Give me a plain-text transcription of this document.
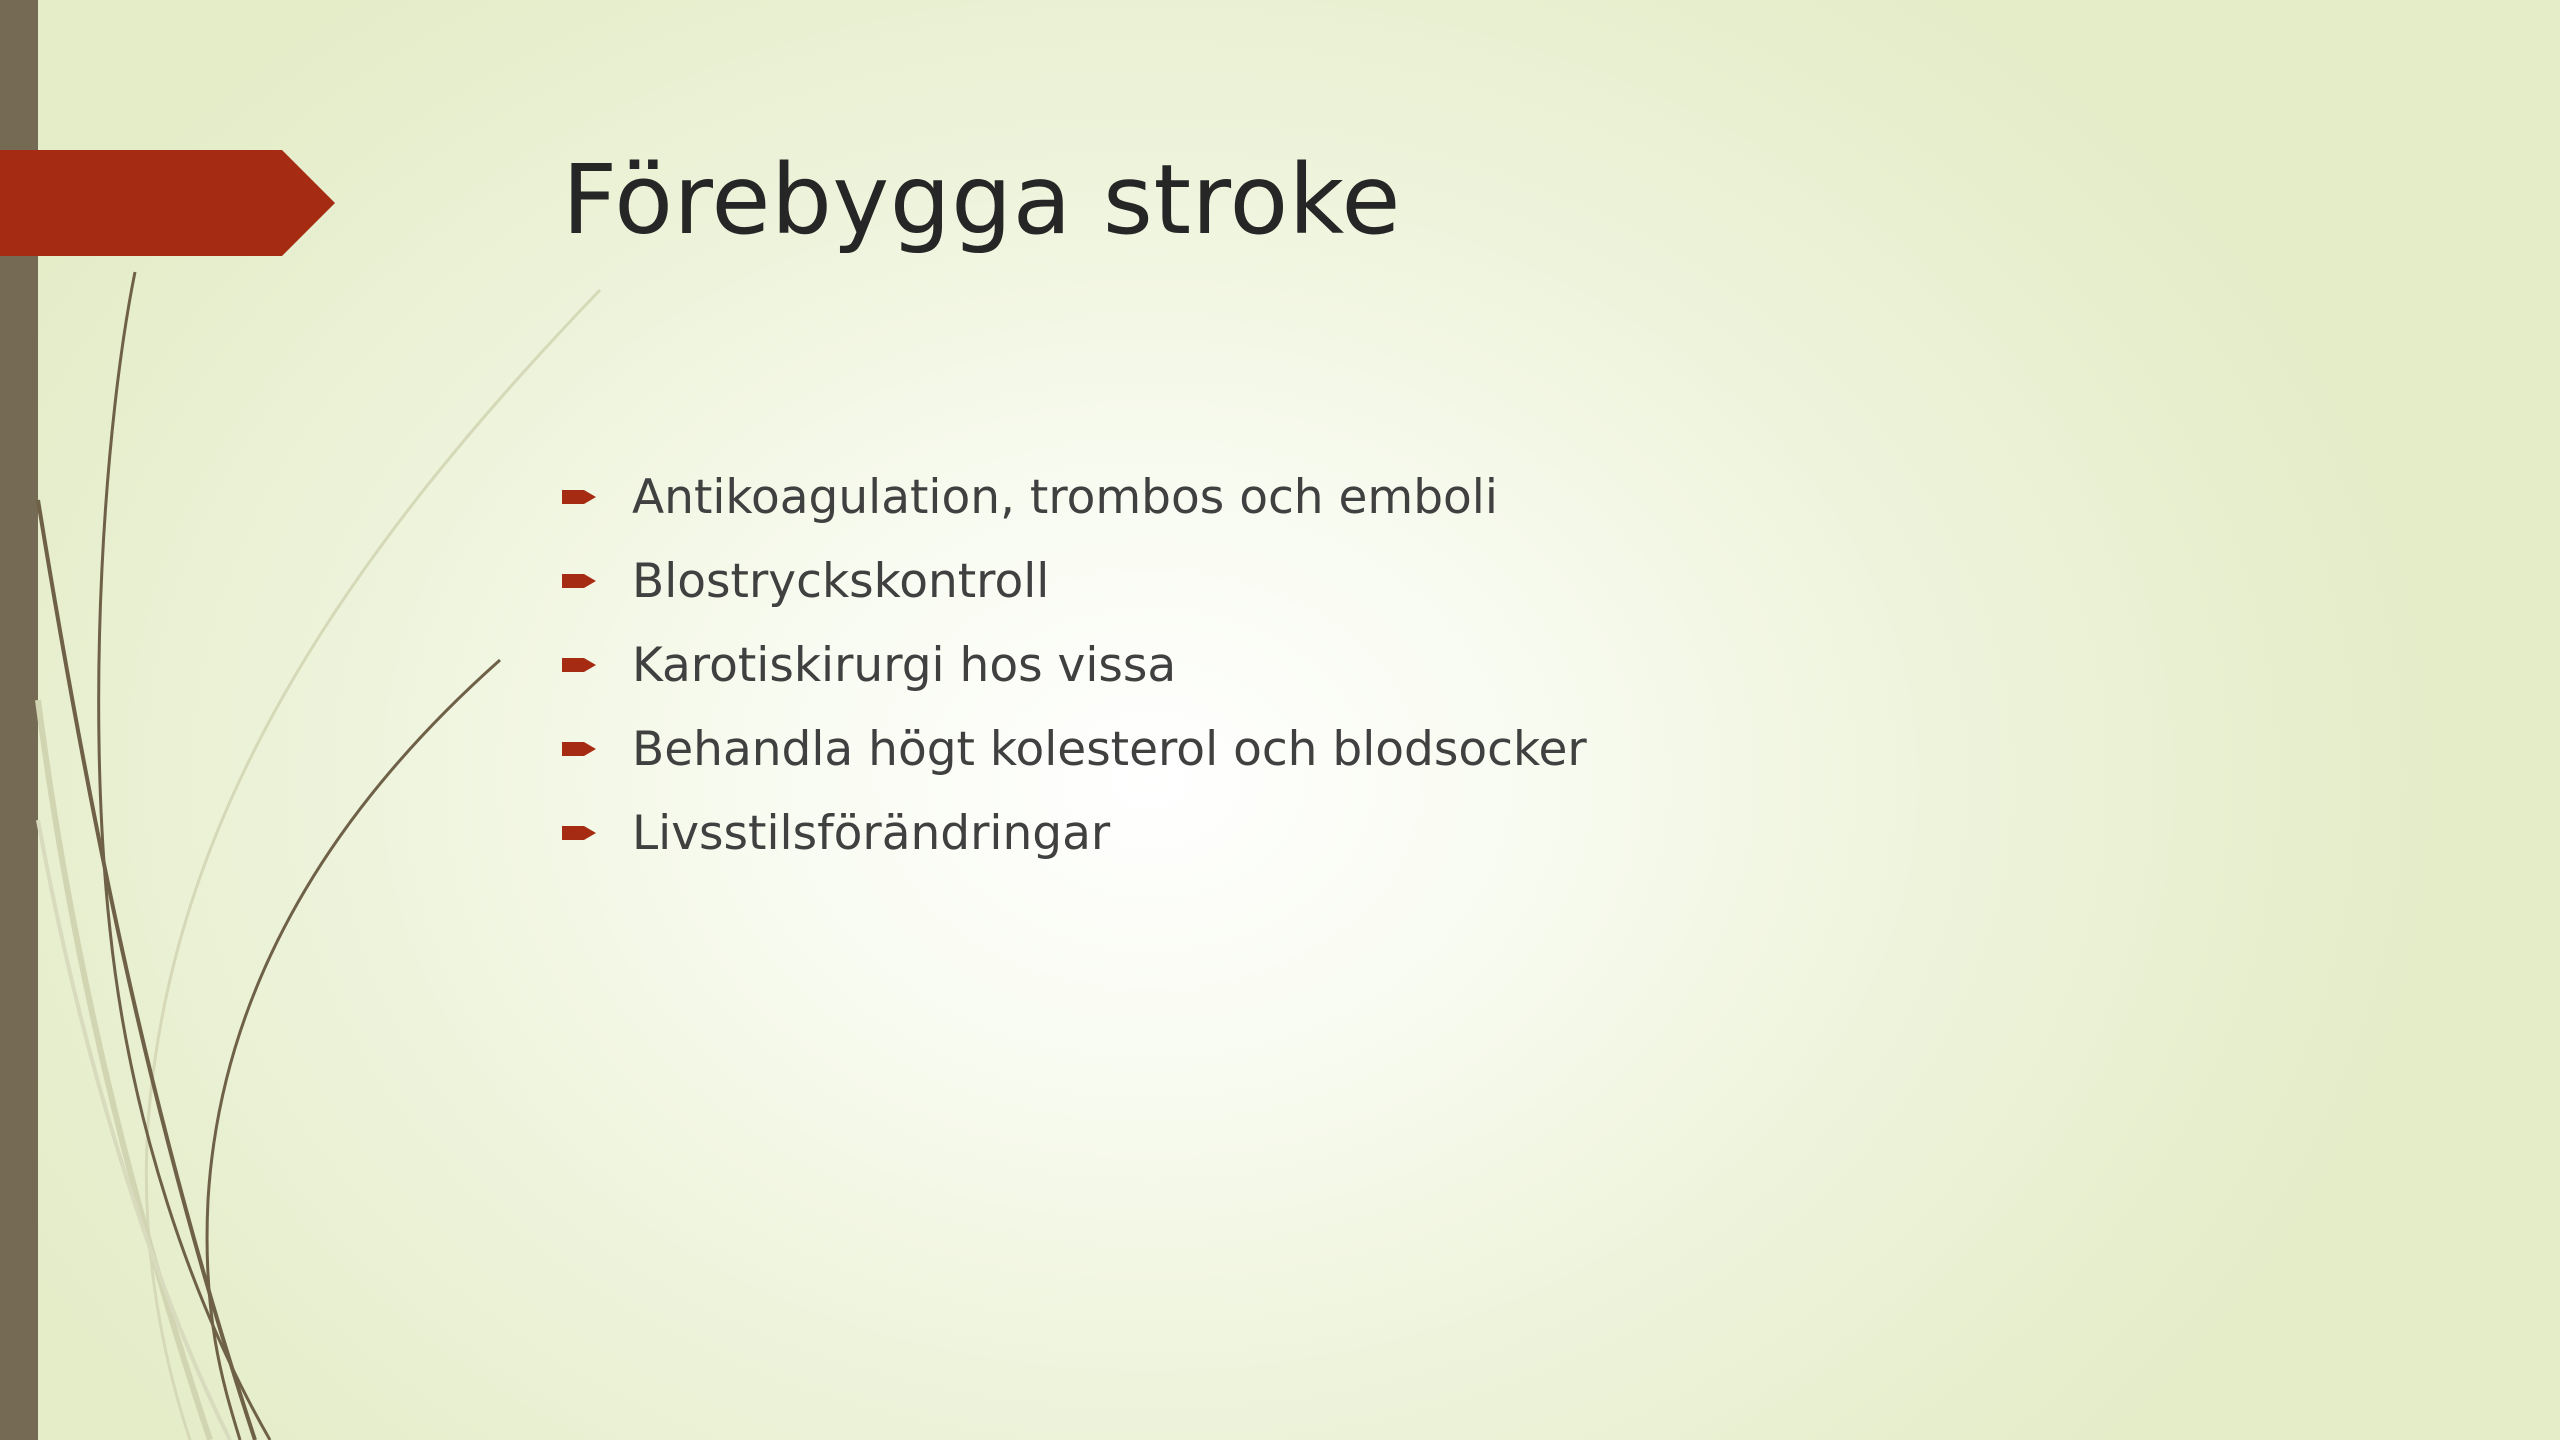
Förebygga stroke
Antikoagulation, trombos och emboli
Blostryckskontroll
Karotiskirurgi hos vissa
Behandla högt kolesterol och blodsocker
Livsstilsförändringar
